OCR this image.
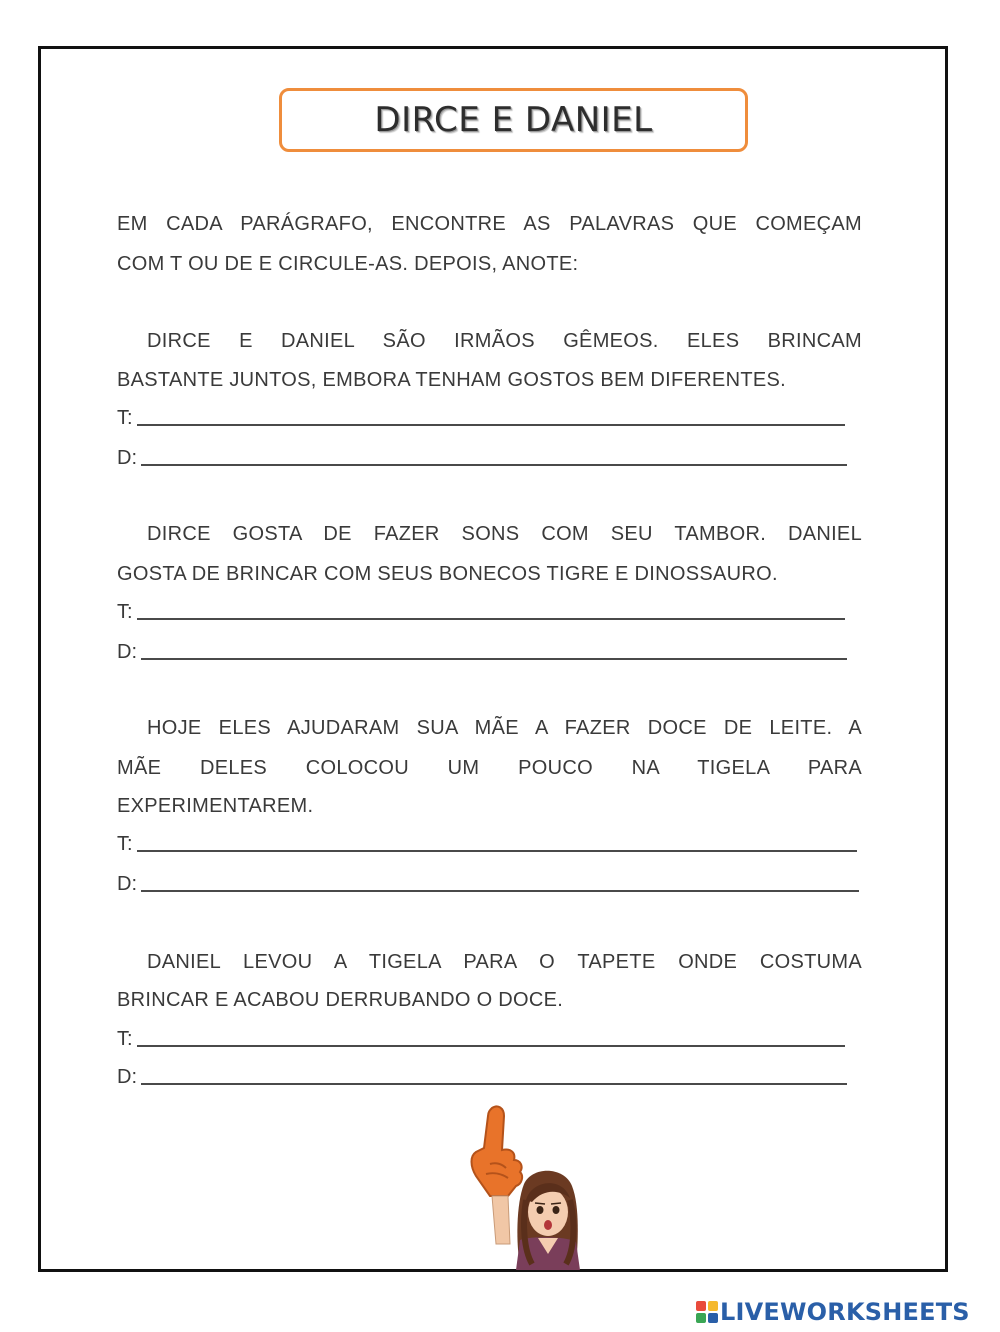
DIRCE E DANIEL
EM CADA PARÁGRAFO, ENCONTRE AS PALAVRAS QUE COMEÇAM
COM T OU DE E CIRCULE-AS. DEPOIS, ANOTE:
DIRCE E DANIEL SÃO IRMÃOS GÊMEOS. ELES BRINCAM
BASTANTE JUNTOS, EMBORA TENHAM GOSTOS BEM DIFERENTES.
T:
D:
DIRCE GOSTA DE FAZER SONS COM SEU TAMBOR. DANIEL
GOSTA DE BRINCAR COM SEUS BONECOS TIGRE E DINOSSAURO.
T:
D:
HOJE ELES AJUDARAM SUA MÃE A FAZER DOCE DE LEITE. A
MÃE DELES COLOCOU UM POUCO NA TIGELA PARA
EXPERIMENTAREM.
T:
D:
DANIEL LEVOU A TIGELA PARA O TAPETE ONDE COSTUMA
BRINCAR E ACABOU DERRUBANDO O DOCE.
T:
D:
LIVEWORKSHEETS
